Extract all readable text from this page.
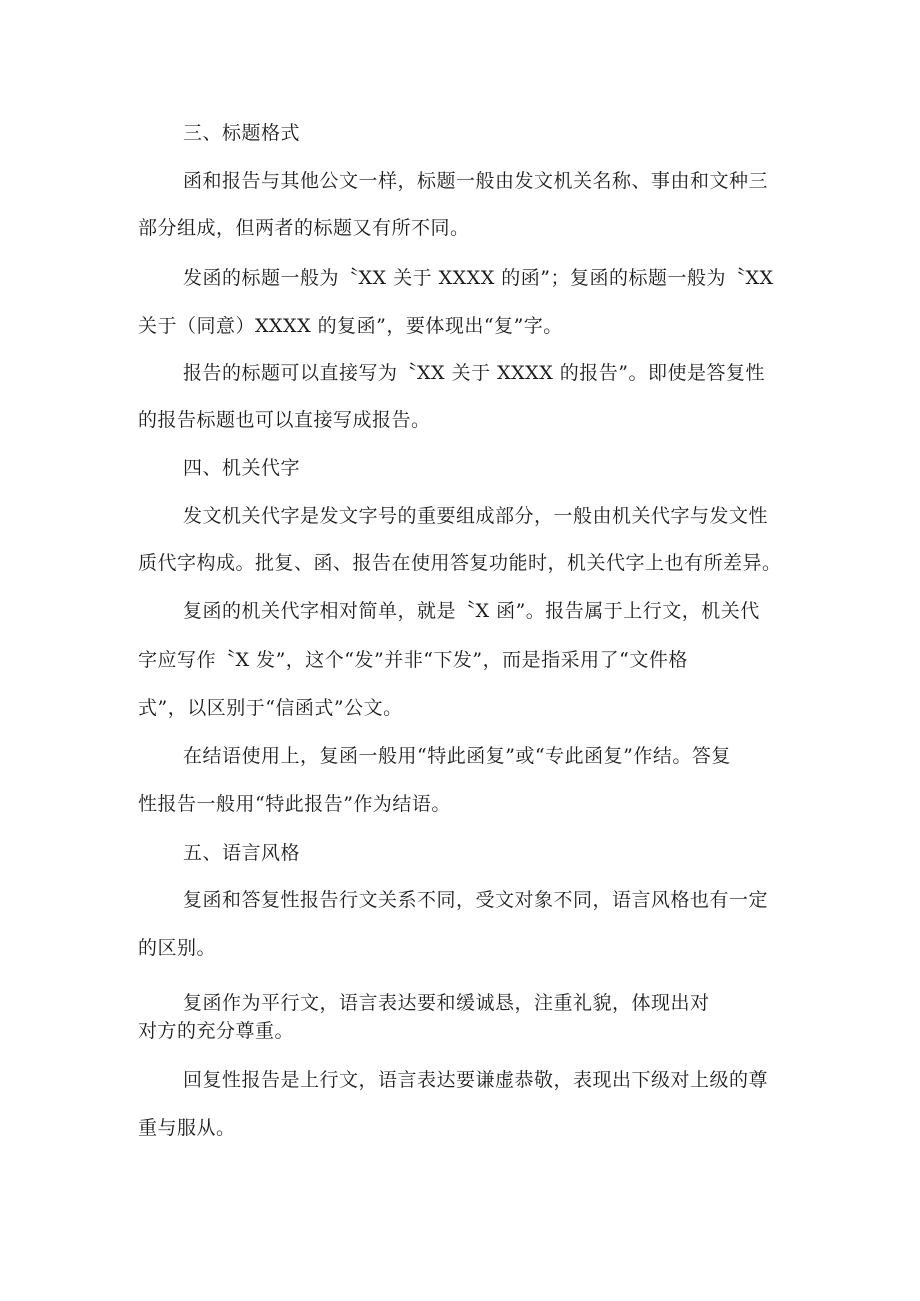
三、标题格式
函和报告与其他公文一样，标题一般由发文机关名称、事由和文种三
部分组成，但两者的标题又有所不同。
发函的标题一般为〝XX 关于 XXXX 的函”；复函的标题一般为〝XX
关于（同意）XXXX 的复函”，要体现出“复”字。
报告的标题可以直接写为〝XX 关于 XXXX 的报告”。即使是答复性
的报告标题也可以直接写成报告。
四、机关代字
发文机关代字是发文字号的重要组成部分，一般由机关代字与发文性
质代字构成。批复、函、报告在使用答复功能时，机关代字上也有所差异。
复函的机关代字相对简单，就是〝X 函”。报告属于上行文，机关代
字应写作〝X 发”，这个“发”并非“下发”，而是指采用了“文件格
式”，以区别于“信函式”公文。
在结语使用上，复函一般用“特此函复”或“专此函复”作结。答复
性报告一般用“特此报告”作为结语。
五、语言风格
复函和答复性报告行文关系不同，受文对象不同，语言风格也有一定
的区别。
复函作为平行文，语言表达要和缓诚恳，注重礼貌，体现出对
对方的充分尊重。
回复性报告是上行文，语言表达要谦虚恭敬，表现出下级对上级的尊
重与服从。
